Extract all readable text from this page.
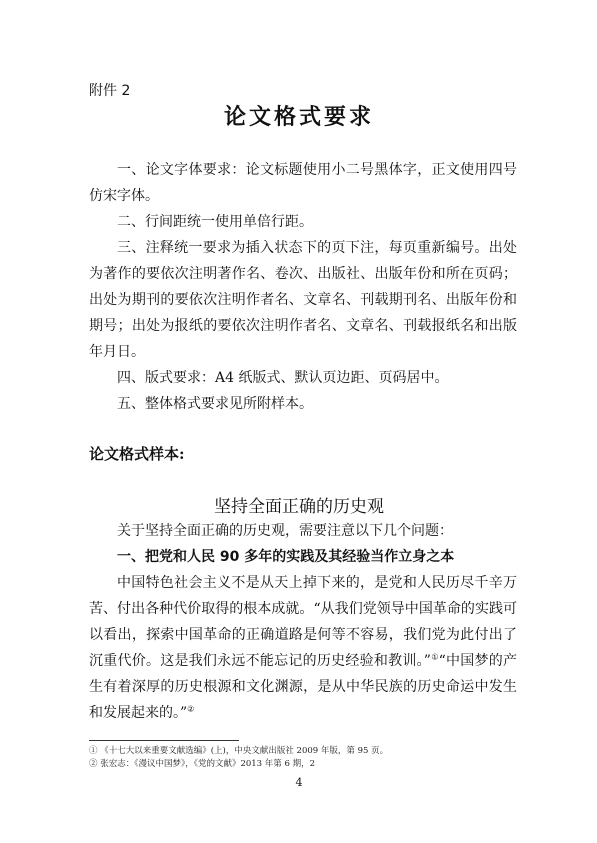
附件 2
论文格式要求

一、论文字体要求：论文标题使用小二号黑体字，正文使用四号仿宋字体。

二、行间距统一使用单倍行距。

三、注释统一要求为插入状态下的页下注，每页重新编号。出处为著作的要依次注明著作名、卷次、出版社、出版年份和所在页码；出处为期刊的要依次注明作者名、文章名、刊载期刊名、出版年份和期号；出处为报纸的要依次注明作者名、文章名、刊载报纸名和出版年月日。

四、版式要求：A4 纸版式、默认页边距、页码居中。

五、整体格式要求见所附样本。

论文格式样本:
坚持全面正确的历史观

关于坚持全面正确的历史观，需要注意以下几个问题：

一、把党和人民 90 多年的实践及其经验当作立身之本

中国特色社会主义不是从天上掉下来的，是党和人民历尽千辛万苦、付出各种代价取得的根本成就。“从我们党领导中国革命的实践可以看出，探索中国革命的正确道路是何等不容易，我们党为此付出了沉重代价。这是我们永远不能忘记的历史经验和教训。”①“中国梦的产生有着深厚的历史根源和文化渊源，是从中华民族的历史命运中发生和发展起来的。”②

① 《十七大以来重要文献选编》(上)，中央文献出版社 2009 年版，第 95 页。
② 张宏志：《漫议中国梦》，《党的文献》2013 年第 6 期，2
4
